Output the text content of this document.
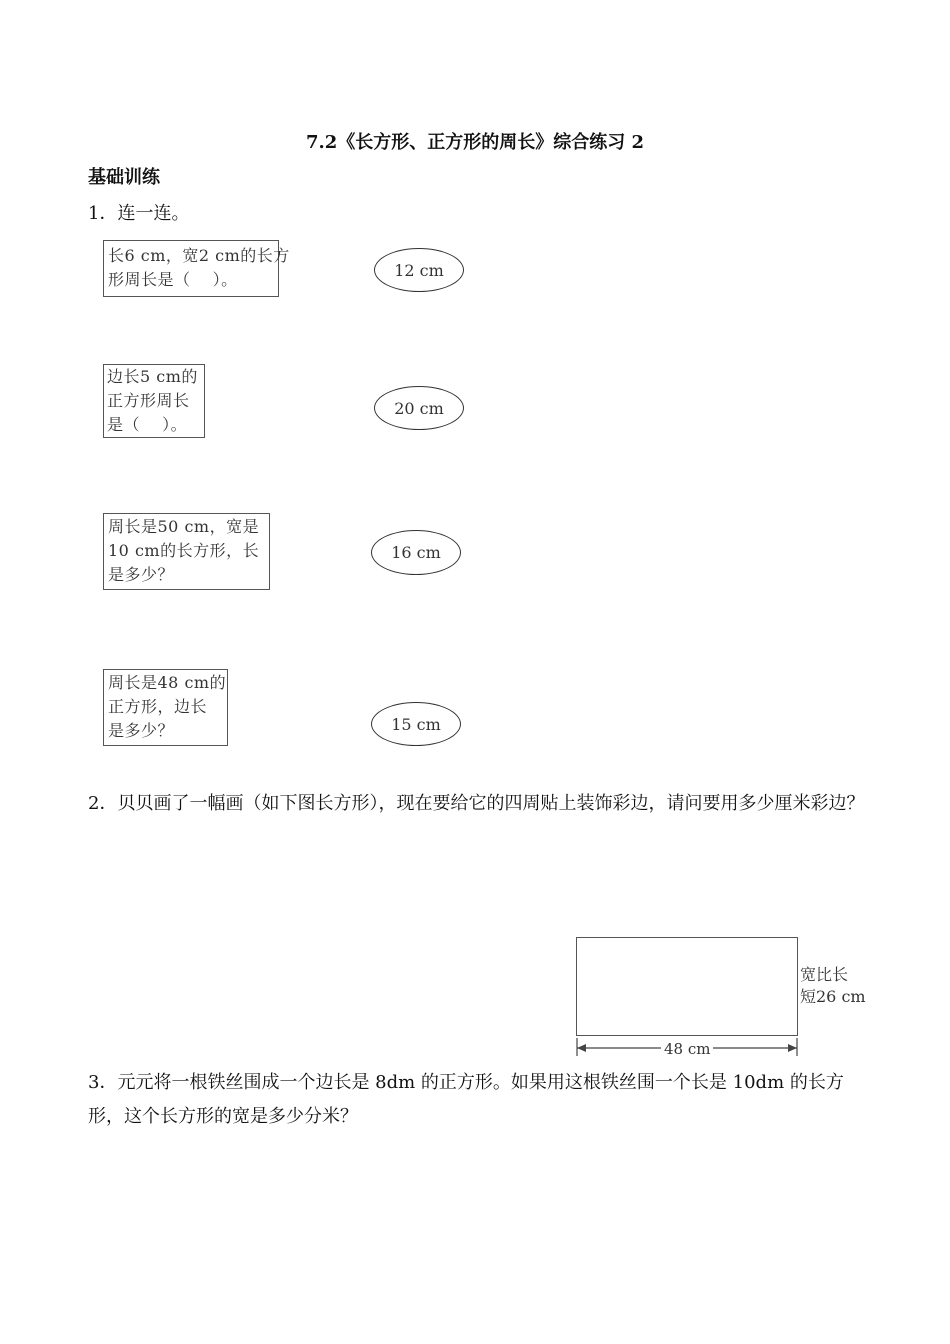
7.2《长方形、正方形的周长》综合练习 2
基础训练
1．连一连。
长6 cm，宽2 cm的长方
形周长是（　 ）。
边长5 cm的
正方形周长
是（　 ）。
周长是50 cm，宽是
10 cm的长方形，长
是多少？
周长是48 cm的
正方形，边长
是多少？
12 cm
20 cm
16 cm
15 cm
2．贝贝画了一幅画（如下图长方形），现在要给它的四周贴上装饰彩边，请问要用多少厘米彩边？
宽比长
短26 cm
48 cm
3．元元将一根铁丝围成一个边长是 8dm 的正方形。如果用这根铁丝围一个长是 10dm 的长方形，这个长方形的宽是多少分米？
